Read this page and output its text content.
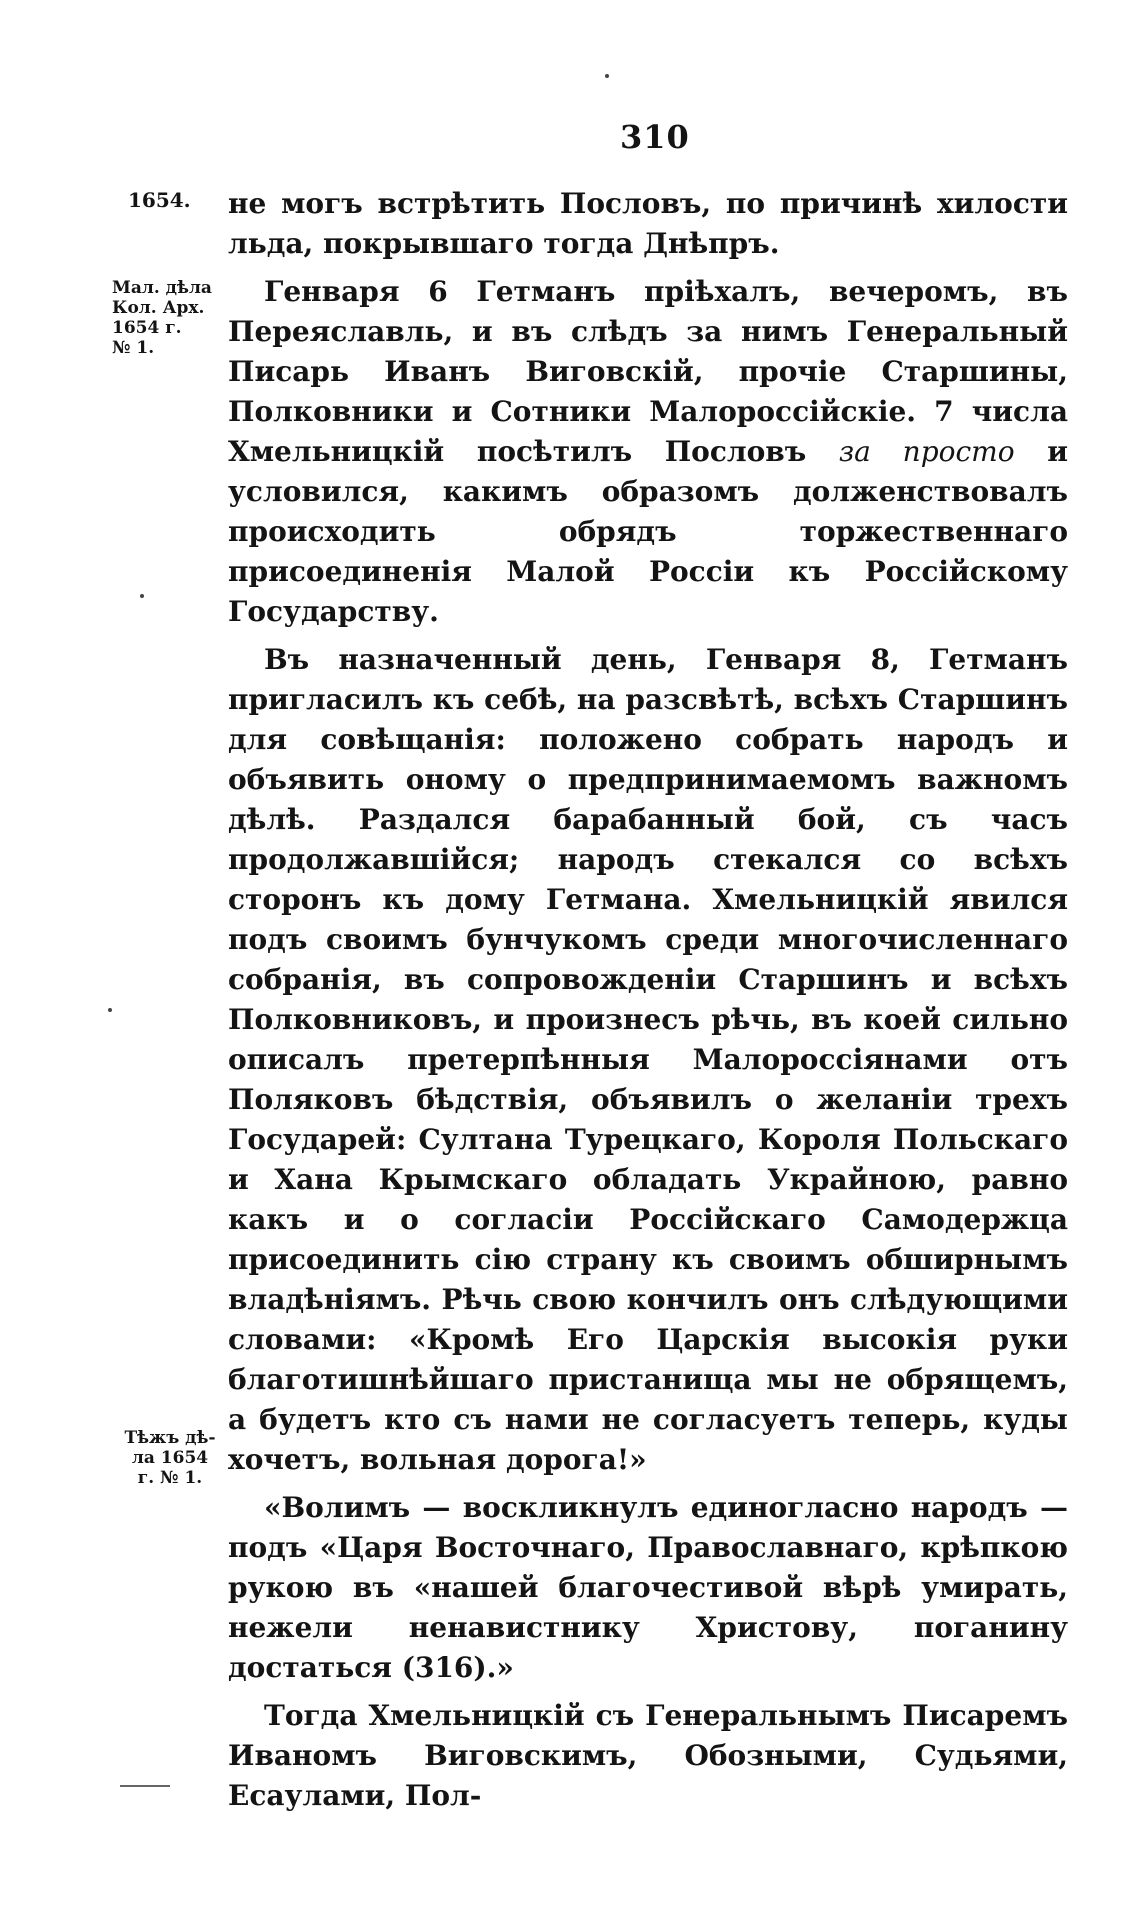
310
1654.
Мал. дѣла
Кол. Арх.
1654 г.
№ 1.
Тѣжъ дѣ-
ла 1654
г. № 1.

не могъ встрѣтить Пословъ, по причинѣ хилости льда, покрывшаго тогда Днѣпръ.

Генваря 6 Гетманъ пріѣхалъ, вечеромъ, въ Переяславль, и въ слѣдъ за нимъ Генеральный Писарь Иванъ Виговскій, прочіе Старшины, Полковники и Сотники Малороссійскіе. 7 числа Хмельницкій посѣтилъ Пословъ за просто и условился, какимъ образомъ долженствовалъ происходить обрядъ торжественнаго присоединенія Малой Россіи къ Россійскому Государству.

Въ назначенный день, Генваря 8, Гетманъ пригласилъ къ себѣ, на разсвѣтѣ, всѣхъ Старшинъ для совѣщанія: положено собрать народъ и объявить оному о предпринимаемомъ важномъ дѣлѣ. Раздался барабанный бой, съ часъ продолжавшійся; народъ стекался со всѣхъ сторонъ къ дому Гетмана. Хмельницкій явился подъ своимъ бунчукомъ среди многочисленнаго собранія, въ сопровожденіи Старшинъ и всѣхъ Полковниковъ, и произнесъ рѣчь, въ коей сильно описалъ претерпѣнныя Малороссіянами отъ Поляковъ бѣдствія, объявилъ о желаніи трехъ Государей: Султана Турецкаго, Короля Польскаго и Хана Крымскаго обладать Украйною, равно какъ и о согласіи Россійскаго Самодержца присоединить сію страну къ своимъ обширнымъ владѣніямъ. Рѣчь свою кончилъ онъ слѣдующими словами: «Кромѣ Его Царскія высокія руки благотишнѣйшаго пристанища мы не обрящемъ, а будетъ кто съ нами не согласуетъ теперь, куды хочетъ, вольная дорога!»

«Волимъ — воскликнулъ единогласно народъ — подъ «Царя Восточнаго, Православнаго, крѣпкою рукою въ «нашей благочестивой вѣрѣ умирать, нежели ненавистнику Христову, поганину достаться (316).»

Тогда Хмельницкій съ Генеральнымъ Писаремъ Иваномъ Виговскимъ, Обозными, Судьями, Есаулами, Пол-
